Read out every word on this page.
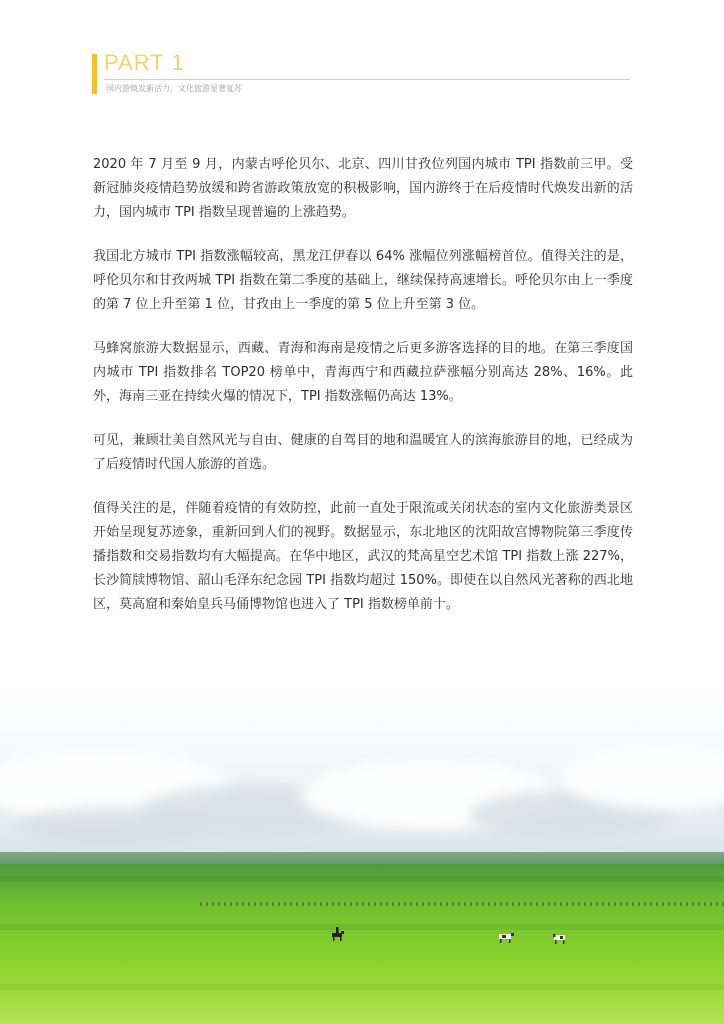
PART 1
国内游焕发新活力，文化旅游显著复苏

2020 年 7 月至 9 月，内蒙古呼伦贝尔、北京、四川甘孜位列国内城市 TPI 指数前三甲。受新冠肺炎疫情趋势放缓和跨省游政策放宽的积极影响，国内游终于在后疫情时代焕发出新的活力，国内城市 TPI 指数呈现普遍的上涨趋势。

我国北方城市 TPI 指数涨幅较高，黑龙江伊春以 64% 涨幅位列涨幅榜首位。值得关注的是，呼伦贝尔和甘孜两城 TPI 指数在第二季度的基础上，继续保持高速增长。呼伦贝尔由上一季度的第 7 位上升至第 1 位，甘孜由上一季度的第 5 位上升至第 3 位。

马蜂窝旅游大数据显示，西藏、青海和海南是疫情之后更多游客选择的目的地。在第三季度国内城市 TPI 指数排名 TOP20 榜单中，青海西宁和西藏拉萨涨幅分别高达 28%、16%。此外，海南三亚在持续火爆的情况下，TPI 指数涨幅仍高达 13%。

可见，兼顾壮美自然风光与自由、健康的自驾目的地和温暖宜人的滨海旅游目的地，已经成为了后疫情时代国人旅游的首选。

值得关注的是，伴随着疫情的有效防控，此前一直处于限流或关闭状态的室内文化旅游类景区开始呈现复苏迹象，重新回到人们的视野。数据显示，东北地区的沈阳故宫博物院第三季度传播指数和交易指数均有大幅提高。在华中地区，武汉的梵高星空艺术馆 TPI 指数上涨 227%，长沙简牍博物馆、韶山毛泽东纪念园 TPI 指数均超过 150%。即使在以自然风光著称的西北地区，莫高窟和秦始皇兵马俑博物馆也进入了 TPI 指数榜单前十。
